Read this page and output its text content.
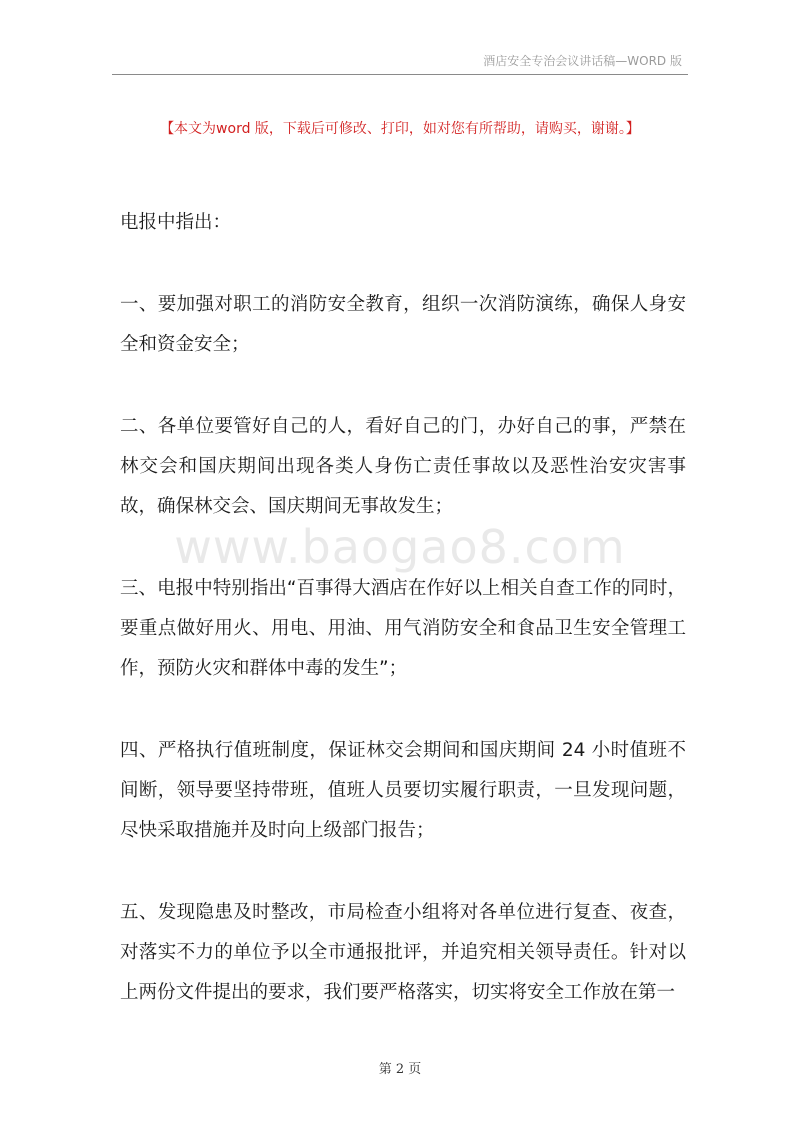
酒店安全专治会议讲话稿—WORD 版
【本文为word 版，下载后可修改、打印，如对您有所帮助，请购买，谢谢。】
www.baogao8.com

电报中指出：

一、要加强对职工的消防安全教育，组织一次消防演练，确保人身安全和资金安全；

二、各单位要管好自己的人，看好自己的门，办好自己的事，严禁在林交会和国庆期间出现各类人身伤亡责任事故以及恶性治安灾害事故，确保林交会、国庆期间无事故发生；

三、电报中特别指出“百事得大酒店在作好以上相关自查工作的同时，要重点做好用火、用电、用油、用气消防安全和食品卫生安全管理工作，预防火灾和群体中毒的发生”；

四、严格执行值班制度，保证林交会期间和国庆期间 24 小时值班不间断，领导要坚持带班，值班人员要切实履行职责，一旦发现问题，尽快采取措施并及时向上级部门报告；

五、发现隐患及时整改，市局检查小组将对各单位进行复查、夜查，对落实不力的单位予以全市通报批评，并追究相关领导责任。针对以上两份文件提出的要求，我们要严格落实，切实将安全工作放在第一

第 2 页
